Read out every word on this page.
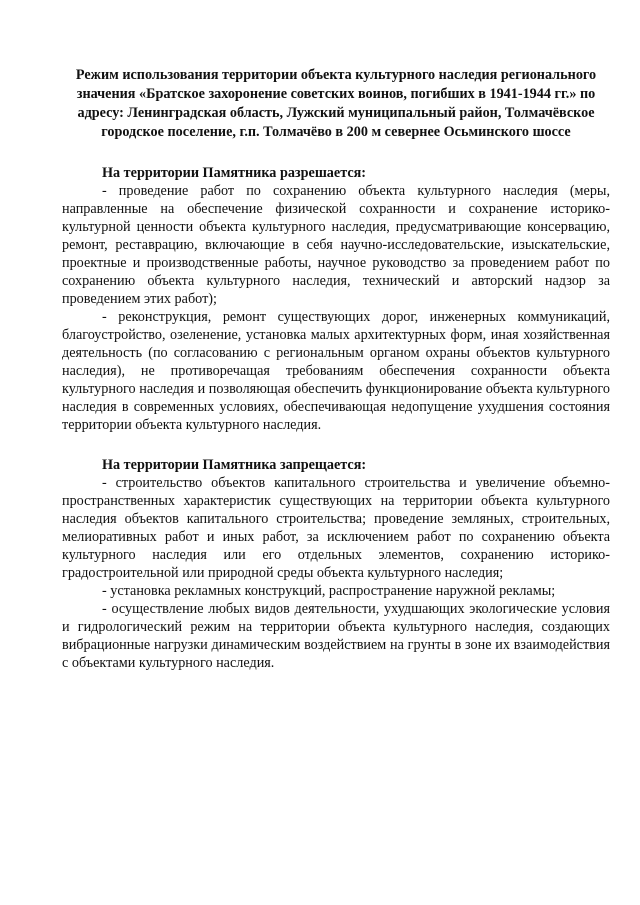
Режим использования территории объекта культурного наследия регионального значения «Братское захоронение советских воинов, погибших в 1941-1944 гг.» по адресу: Ленинградская область, Лужский муниципальный район, Толмачёвское городское поселение, г.п. Толмачёво в 200 м севернее Осьминского шоссе

На территории Памятника разрешается:

- проведение работ по сохранению объекта культурного наследия (меры, направленные на обеспечение физической сохранности и сохранение историко-культурной ценности объекта культурного наследия, предусматривающие консервацию, ремонт, реставрацию, включающие в себя научно-исследовательские, изыскательские, проектные и производственные работы, научное руководство за проведением работ по сохранению объекта культурного наследия, технический и авторский надзор за проведением этих работ);

- реконструкция, ремонт существующих дорог, инженерных коммуникаций, благоустройство, озеленение, установка малых архитектурных форм, иная хозяйственная деятельность (по согласованию с региональным органом охраны объектов культурного наследия), не противоречащая требованиям обеспечения сохранности объекта культурного наследия и позволяющая обеспечить функционирование объекта культурного наследия в современных условиях, обеспечивающая недопущение ухудшения состояния территории объекта культурного наследия.

На территории Памятника запрещается:

- строительство объектов капитального строительства и увеличение объемно-пространственных характеристик существующих на территории объекта культурного наследия объектов капитального строительства; проведение земляных, строительных, мелиоративных работ и иных работ, за исключением работ по сохранению объекта культурного наследия или его отдельных элементов, сохранению историко-градостроительной или природной среды объекта культурного наследия;

- установка рекламных конструкций, распространение наружной рекламы;

- осуществление любых видов деятельности, ухудшающих экологические условия и гидрологический режим на территории объекта культурного наследия, создающих вибрационные нагрузки динамическим воздействием на грунты в зоне их взаимодействия с объектами культурного наследия.
